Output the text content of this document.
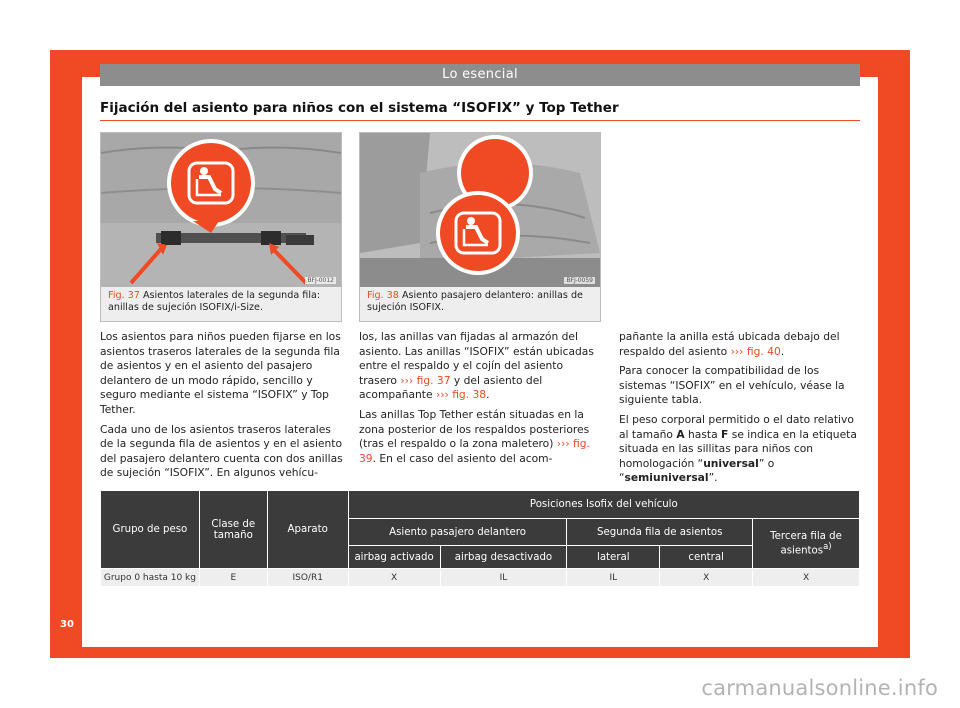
Lo esencial
Fijación del asiento para niños con el sistema “ISOFIX” y Top Tether
BFJ-0012
Fig. 37 Asientos laterales de la segunda fila: anillas de sujeción ISOFIX/i-Size.
BFJ-0059
Fig. 38 Asiento pasajero delantero: anillas de sujeción ISOFIX.

Los asientos para niños pueden fijarse en los asientos traseros laterales de la segunda fila de asientos y en el asiento del pasajero delantero de un modo rápido, sencillo y seguro mediante el sistema “ISOFIX” y Top Tether.

Cada uno de los asientos traseros laterales de la segunda fila de asientos y en el asiento del pasajero delantero cuenta con dos anillas de sujeción “ISOFIX”. En algunos vehícu-

los, las anillas van fijadas al armazón del asiento. Las anillas “ISOFIX” están ubicadas entre el respaldo y el cojín del asiento trasero ››› fig. 37 y del asiento del acompañante ››› fig. 38.

Las anillas Top Tether están situadas en la zona posterior de los respaldos posteriores (tras el respaldo o la zona maletero) ››› fig. 39. En el caso del asiento del acom-

pañante la anilla está ubicada debajo del respaldo del asiento ››› fig. 40.

Para conocer la compatibilidad de los sistemas “ISOFIX” en el vehículo, véase la siguiente tabla.

El peso corporal permitido o el dato relativo al tamaño A hasta F se indica en la etiqueta situada en las sillitas para niños con homologación “universal” o “semiuniversal”.

Grupo de peso	Clase de tamaño	Aparato	Posiciones Isofix del vehículo				
			Asiento pasajero delantero		Segunda fila de asientos		Tercera fila de asientos$^{a)}$
			airbag activado	airbag desactivado	lateral	central	
Grupo 0 hasta 10 kg	E	ISO/R1	X	IL	IL	X	X
30
carmanualsonline.info
